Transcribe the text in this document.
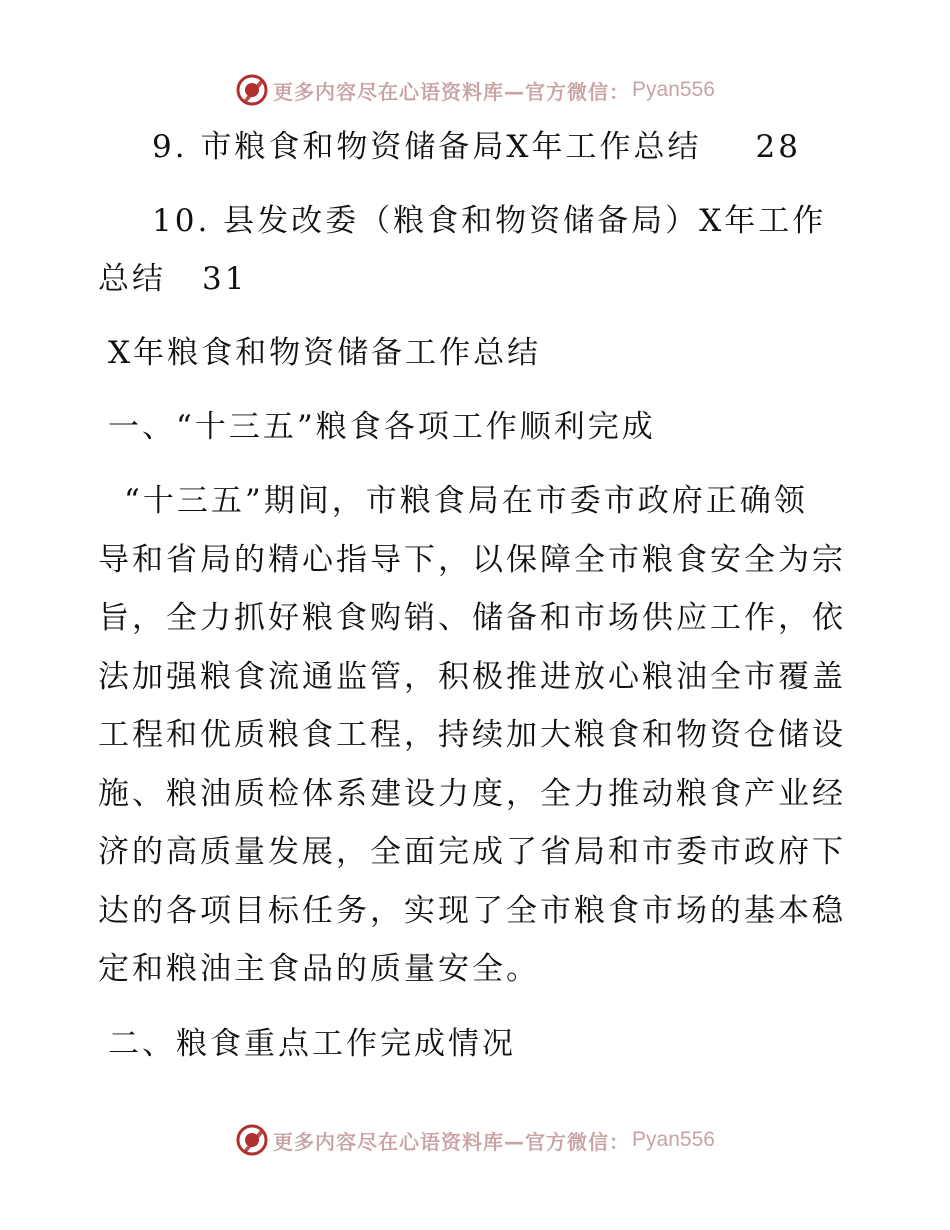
更多内容尽在心语资料库—官方微信： Pyan556

9. 市粮食和物资储备局X年工作总结 28

10. 县发改委（粮食和物资储备局）X年工作

总结 31

X年粮食和物资储备工作总结

一、“十三五”粮食各项工作顺利完成

“十三五”期间，市粮食局在市委市政府正确领
导和省局的精心指导下，以保障全市粮食安全为宗
旨，全力抓好粮食购销、储备和市场供应工作，依
法加强粮食流通监管，积极推进放心粮油全市覆盖
工程和优质粮食工程，持续加大粮食和物资仓储设
施、粮油质检体系建设力度，全力推动粮食产业经
济的高质量发展，全面完成了省局和市委市政府下
达的各项目标任务，实现了全市粮食市场的基本稳
定和粮油主食品的质量安全。

二、粮食重点工作完成情况

更多内容尽在心语资料库—官方微信： Pyan556
